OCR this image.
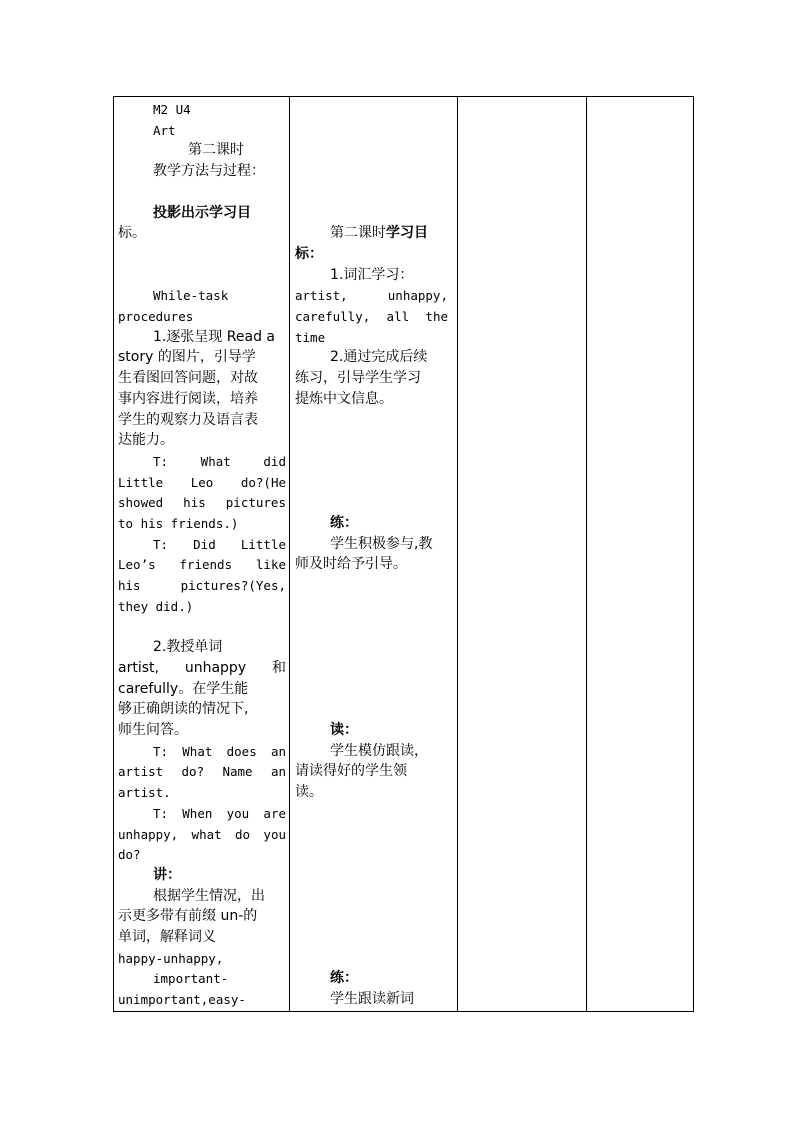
M2 U4
Art
第二课时
教学方法与过程：
投影出示学习目
标。
While-task
procedures
1.逐张呈现 Read a
story 的图片，引导学
生看图回答问题，对故
事内容进行阅读，培养
学生的观察力及语言表
达能力。
T: What did
Little Leo do?(He
showed his pictures
to his friends.)
T: Did Little
Leo’s friends like
his pictures?(Yes,
they did.)
2.教授单词
artist, unhappy 和
carefully。在学生能
够正确朗读的情况下,
师生问答。
T: What does an
artist do? Name an
artist.
T: When you are
unhappy, what do you
do?
讲：
根据学生情况，出
示更多带有前缀 un-的
单词，解释词义
happy-unhappy,
important-
unimportant,easy-
第二课时学习目
标：
1.词汇学习：
artist, unhappy,
carefully, all the
time
2.通过完成后续
练习，引导学生学习
提炼中文信息。
练：
学生积极参与,教
师及时给予引导。
读：
学生模仿跟读，
请读得好的学生领
读。
练：
学生跟读新词
